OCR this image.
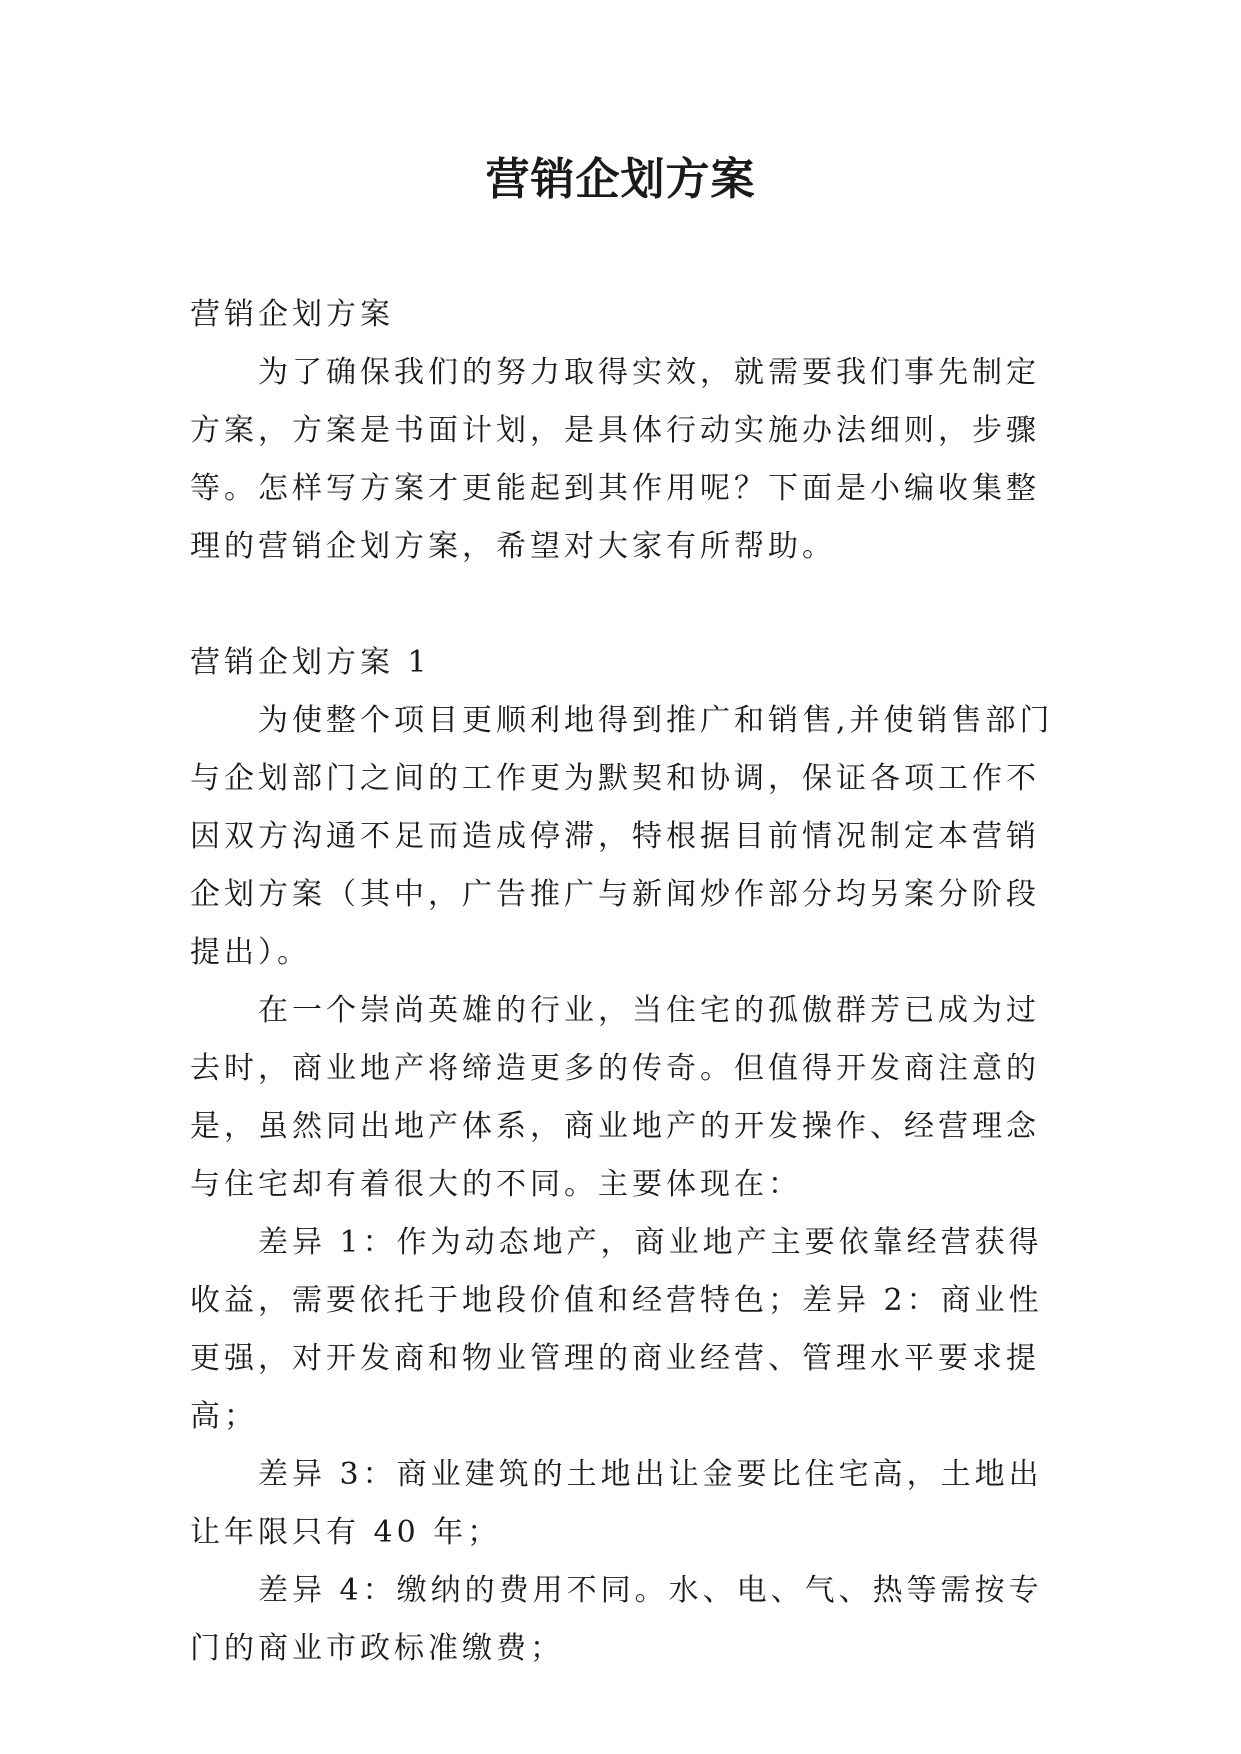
营销企划方案

营销企划方案

为了确保我们的努力取得实效，就需要我们事先制定方案，方案是书面计划，是具体行动实施办法细则，步骤等。怎样写方案才更能起到其作用呢？下面是小编收集整理的营销企划方案，希望对大家有所帮助。

营销企划方案 1

为使整个项目更顺利地得到推广和销售,并使销售部门与企划部门之间的工作更为默契和协调，保证各项工作不因双方沟通不足而造成停滞，特根据目前情况制定本营销企划方案（其中，广告推广与新闻炒作部分均另案分阶段提出）。

在一个崇尚英雄的行业，当住宅的孤傲群芳已成为过去时，商业地产将缔造更多的传奇。但值得开发商注意的是，虽然同出地产体系，商业地产的开发操作、经营理念与住宅却有着很大的不同。主要体现在：

差异 1：作为动态地产，商业地产主要依靠经营获得收益，需要依托于地段价值和经营特色；差异 2：商业性更强，对开发商和物业管理的商业经营、管理水平要求提高；

差异 3：商业建筑的土地出让金要比住宅高，土地出让年限只有 40 年；

差异 4：缴纳的费用不同。水、电、气、热等需按专门的商业市政标准缴费；
